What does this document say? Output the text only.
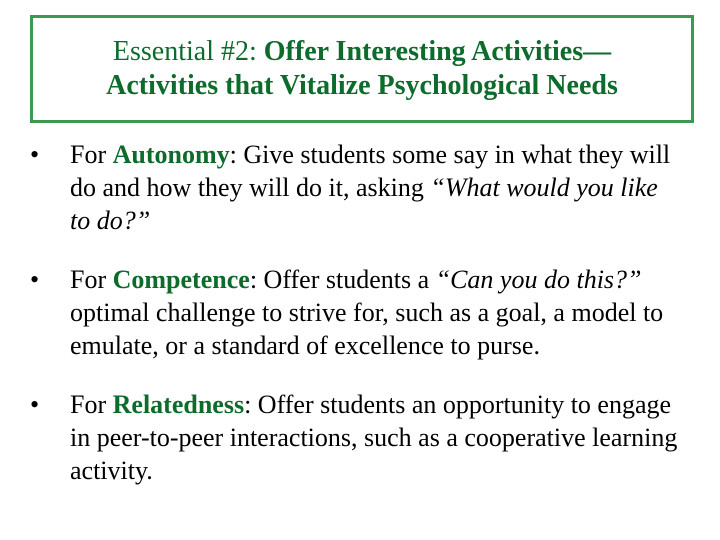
Essential #2: Offer Interesting Activities—
Activities that Vitalize Psychological Needs
•	For Autonomy: Give students some say in what they will do and how they will do it, asking “What would you like to do?”
•	For Competence: Offer students a “Can you do this?” optimal challenge to strive for, such as a goal, a model to emulate, or a standard of excellence to purse.
•	For Relatedness: Offer students an opportunity to engage in peer-to-peer interactions, such as a cooperative learning activity.
